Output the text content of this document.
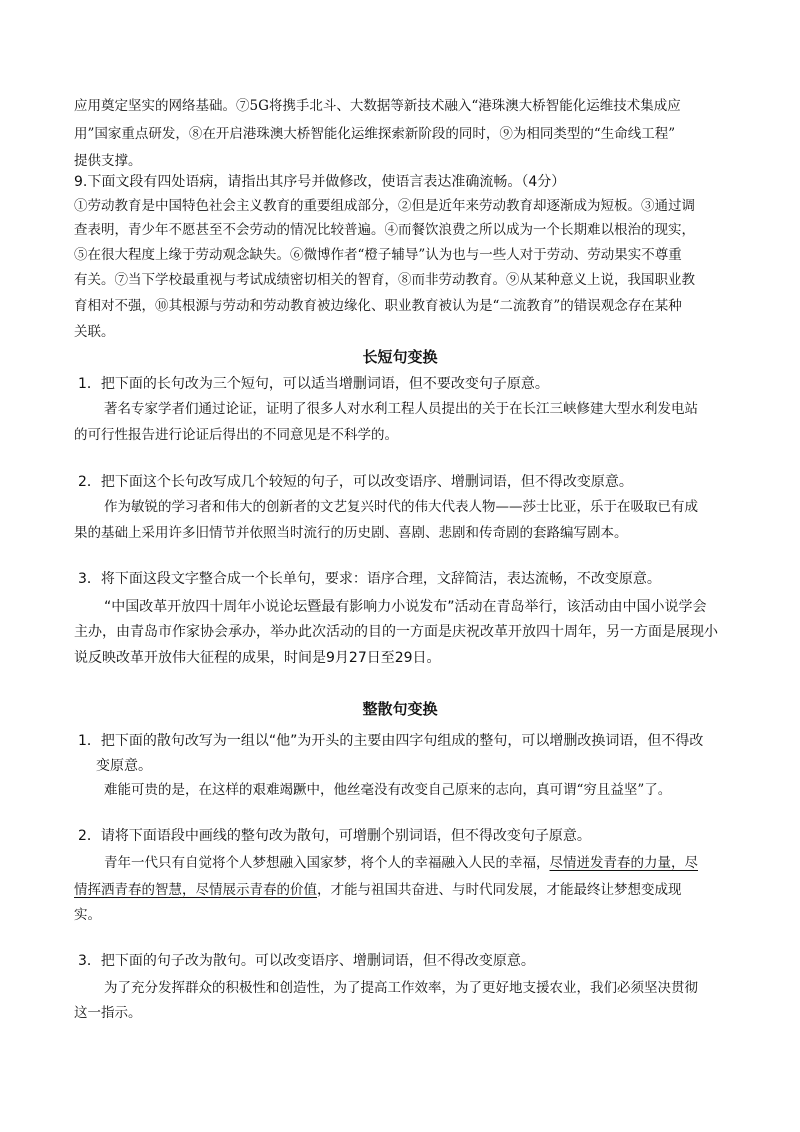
应用奠定坚实的网络基础。⑦5G将携手北斗、大数据等新技术融入“港珠澳大桥智能化运维技术集成应
用”国家重点研发，⑧在开启港珠澳大桥智能化运维探索新阶段的同时，⑨为相同类型的“生命线工程”
提供支撑。
9.下面文段有四处语病，请指出其序号并做修改，使语言表达准确流畅。（4分）
①劳动教育是中国特色社会主义教育的重要组成部分，②但是近年来劳动教育却逐渐成为短板。③通过调
查表明，青少年不愿甚至不会劳动的情况比较普遍。④而餐饮浪费之所以成为一个长期难以根治的现实，
⑤在很大程度上缘于劳动观念缺失。⑥微博作者“橙子辅导”认为也与一些人对于劳动、劳动果实不尊重
有关。⑦当下学校最重视与考试成绩密切相关的智育，⑧而非劳动教育。⑨从某种意义上说，我国职业教
育相对不强，⑩其根源与劳动和劳动教育被边缘化、职业教育被认为是“二流教育”的错误观念存在某种
关联。
长短句变换
1．把下面的长句改为三个短句，可以适当增删词语，但不要改变句子原意。
著名专家学者们通过论证，证明了很多人对水利工程人员提出的关于在长江三峡修建大型水利发电站
的可行性报告进行论证后得出的不同意见是不科学的。
2．把下面这个长句改写成几个较短的句子，可以改变语序、增删词语，但不得改变原意。
作为敏锐的学习者和伟大的创新者的文艺复兴时代的伟大代表人物——莎士比亚，乐于在吸取已有成
果的基础上采用许多旧情节并依照当时流行的历史剧、喜剧、悲剧和传奇剧的套路编写剧本。
3．将下面这段文字整合成一个长单句，要求：语序合理，文辞简洁，表达流畅，不改变原意。
“中国改革开放四十周年小说论坛暨最有影响力小说发布”活动在青岛举行，该活动由中国小说学会
主办，由青岛市作家协会承办，举办此次活动的目的一方面是庆祝改革开放四十周年，另一方面是展现小
说反映改革开放伟大征程的成果，时间是9月27日至29日。
整散句变换
1．把下面的散句改写为一组以“他”为开头的主要由四字句组成的整句，可以增删改换词语，但不得改
变原意。
难能可贵的是，在这样的艰难竭蹶中，他丝毫没有改变自己原来的志向，真可谓“穷且益坚”了。
2．请将下面语段中画线的整句改为散句，可增删个别词语，但不得改变句子原意。
青年一代只有自觉将个人梦想融入国家梦，将个人的幸福融入人民的幸福，尽情迸发青春的力量，尽
情挥洒青春的智慧，尽情展示青春的价值，才能与祖国共奋进、与时代同发展，才能最终让梦想变成现
实。
3．把下面的句子改为散句。可以改变语序、增删词语，但不得改变原意。
为了充分发挥群众的积极性和创造性，为了提高工作效率，为了更好地支援农业，我们必须坚决贯彻
这一指示。
